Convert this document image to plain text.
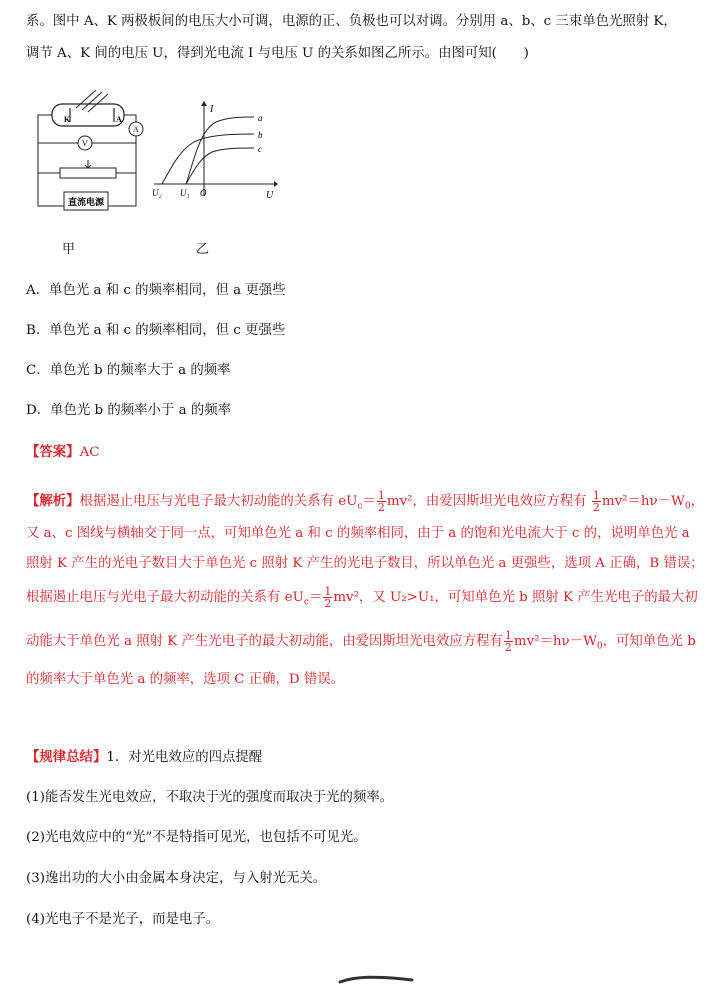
系。图中 A、K 两极板间的电压大小可调，电源的正、负极也可以对调。分别用 a、b、c 三束单色光照射 K，
调节 A、K 间的电压 U，得到光电流 I 与电压 U 的关系如图乙所示。由图可知(　　)
K	A
A
V
直流电源
I
U
U₂ U₁ O
a
b
c
甲	乙
A．单色光 a 和 c 的频率相同，但 a 更强些
B．单色光 a 和 c 的频率相同，但 c 更强些
C．单色光 b 的频率大于 a 的频率
D．单色光 b 的频率小于 a 的频率
【答案】AC
【解析】根据遏止电压与光电子最大初动能的关系有 $eU_c= \frac{1}{2} mv^2$，由爱因斯坦光电效应方程有 $\frac{1}{2} mv^2=h\nu-W_0$，
又 a、c 图线与横轴交于同一点，可知单色光 a 和 c 的频率相同，由于 a 的饱和光电流大于 c 的，说明单色光 a
照射 K 产生的光电子数目大于单色光 c 照射 K 产生的光电子数目，所以单色光 a 更强些，选项 A 正确，B 错误；
根据遏止电压与光电子最大初动能的关系有 $eU_c= \frac{1}{2} mv^2$，又 U₂>U₁，可知单色光 b 照射 K 产生光电子的最大初
动能大于单色光 a 照射 K 产生光电子的最大初动能，由爱因斯坦光电效应方程有 $\frac{1}{2} mv^2=h\nu-W_0$，可知单色光 b
的频率大于单色光 a 的频率，选项 C 正确，D 错误。
【规律总结】1．对光电效应的四点提醒
(1)能否发生光电效应，不取决于光的强度而取决于光的频率。
(2)光电效应中的“光”不是特指可见光，也包括不可见光。
(3)逸出功的大小由金属本身决定，与入射光无关。
(4)光电子不是光子，而是电子。
